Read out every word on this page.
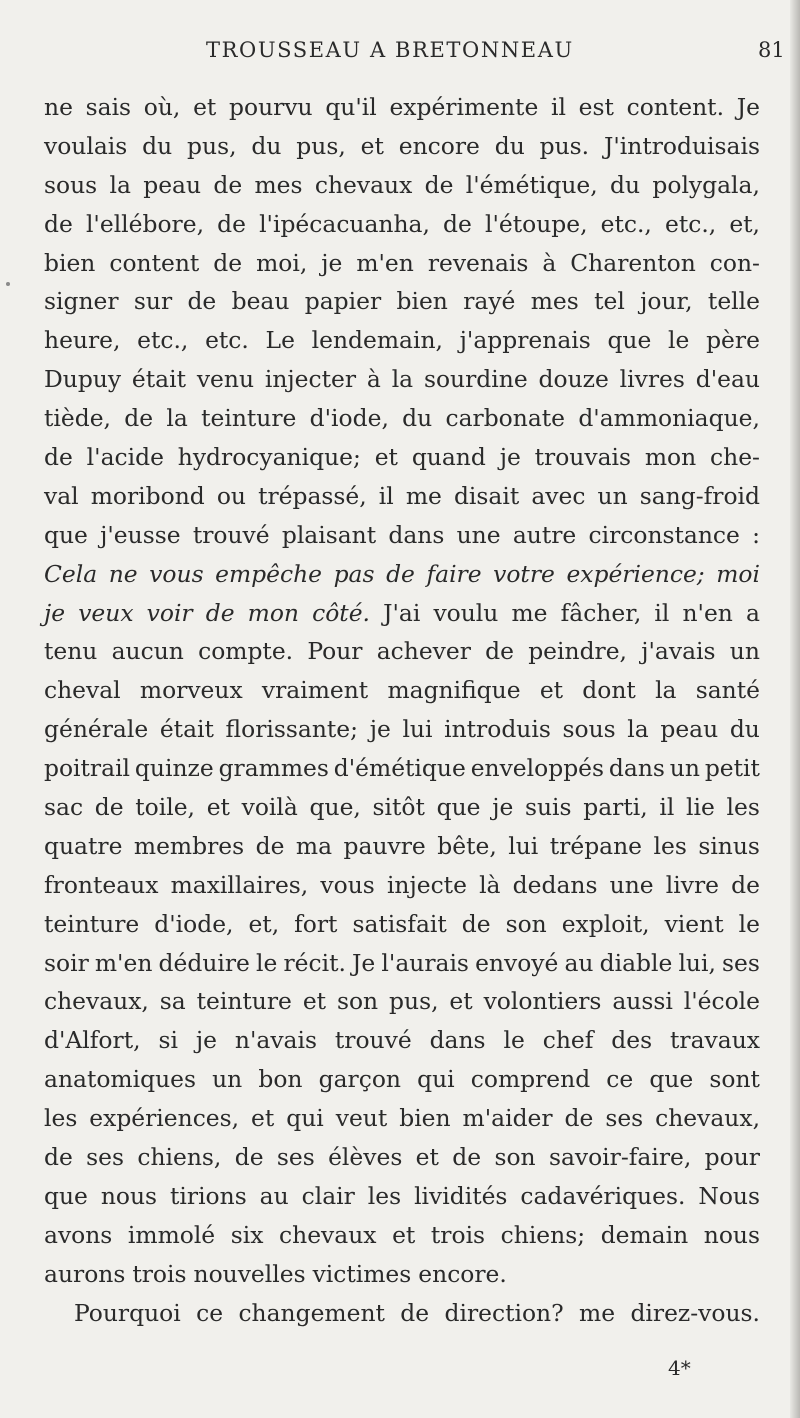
TROUSSEAU A BRETONNEAU	81
ne sais où, et pourvu qu'il expérimente il est content. Je
voulais du pus, du pus, et encore du pus. J'introduisais
sous la peau de mes chevaux de l'émétique, du polygala,
de l'ellébore, de l'ipécacuanha, de l'étoupe, etc., etc., et,
bien content de moi, je m'en revenais à Charenton con-
signer sur de beau papier bien rayé mes tel jour, telle
heure, etc., etc. Le lendemain, j'apprenais que le père
Dupuy était venu injecter à la sourdine douze livres d'eau
tiède, de la teinture d'iode, du carbonate d'ammoniaque,
de l'acide hydrocyanique; et quand je trouvais mon che-
val moribond ou trépassé, il me disait avec un sang-froid
que j'eusse trouvé plaisant dans une autre circonstance :
Cela ne vous empêche pas de faire votre expérience; moi
je veux voir de mon côté. J'ai voulu me fâcher, il n'en a
tenu aucun compte. Pour achever de peindre, j'avais un
cheval morveux vraiment magnifique et dont la santé
générale était florissante; je lui introduis sous la peau du
poitrail quinze grammes d'émétique enveloppés dans un petit
sac de toile, et voilà que, sitôt que je suis parti, il lie les
quatre membres de ma pauvre bête, lui trépane les sinus
fronteaux maxillaires, vous injecte là dedans une livre de
teinture d'iode, et, fort satisfait de son exploit, vient le
soir m'en déduire le récit. Je l'aurais envoyé au diable lui, ses
chevaux, sa teinture et son pus, et volontiers aussi l'école
d'Alfort, si je n'avais trouvé dans le chef des travaux
anatomiques un bon garçon qui comprend ce que sont
les expériences, et qui veut bien m'aider de ses chevaux,
de ses chiens, de ses élèves et de son savoir-faire, pour
que nous tirions au clair les lividités cadavériques. Nous
avons immolé six chevaux et trois chiens; demain nous
aurons trois nouvelles victimes encore.
Pourquoi ce changement de direction? me direz-vous.
4*
